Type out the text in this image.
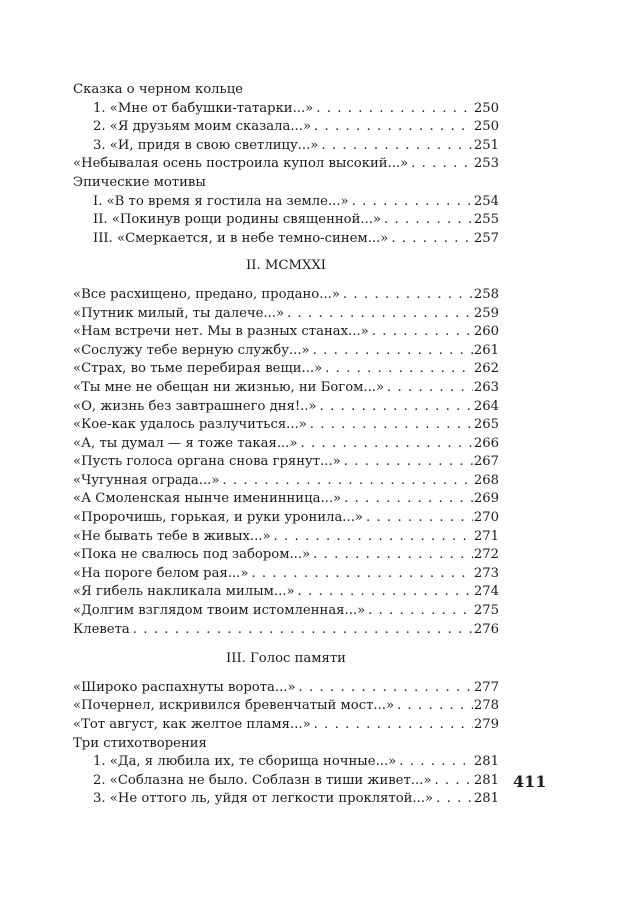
Сказка о черном кольце
1. «Мне от бабушки-татарки...» . . .	250
2. «Я друзьям моим сказала...» . . .	250
3. «И, придя в свою светлицу...» . . .	251
«Небывалая осень построила купол высокий...» . . .	253
Эпические мотивы
I. «В то время я гостила на земле...» . . .	254
II. «Покинув рощи родины священной...» . . .	255
III. «Смеркается, и в небе темно-синем...» . . .	257
II. MCMXXI
«Все расхищено, предано, продано...» . . .	258
«Путник милый, ты далече...» . . .	259
«Нам встречи нет. Мы в разных станах...» . . .	260
«Сослужу тебе верную службу...» . . .	261
«Страх, во тьме перебирая вещи...» . . .	262
«Ты мне не обещан ни жизнью, ни Богом...» . . .	263
«О, жизнь без завтрашнего дня!..» . . .	264
«Кое-как удалось разлучиться...» . . .	265
«А, ты думал — я тоже такая...» . . .	266
«Пусть голоса органа снова грянут...» . . .	267
«Чугунная ограда...» . . .	268
«А Смоленская нынче именинница...» . . .	269
«Пророчишь, горькая, и руки уронила...» . . .	270
«Не бывать тебе в живых...» . . .	271
«Пока не свалюсь под забором...» . . .	272
«На пороге белом рая...» . . .	273
«Я гибель накликала милым...» . . .	274
«Долгим взглядом твоим истомленная...» . . .	275
Клевета . . .	276
III. Голос памяти
«Широко распахнуты ворота...» . . .	277
«Почернел, искривился бревенчатый мост...» . . .	278
«Тот август, как желтое пламя...» . . .	279
Три стихотворения
1. «Да, я любила их, те сборища ночные...» . . .	281
2. «Соблазна не было. Соблазн в тиши живет...» . . .	281
3. «Не оттого ль, уйдя от легкости проклятой...» . . .	281
411
